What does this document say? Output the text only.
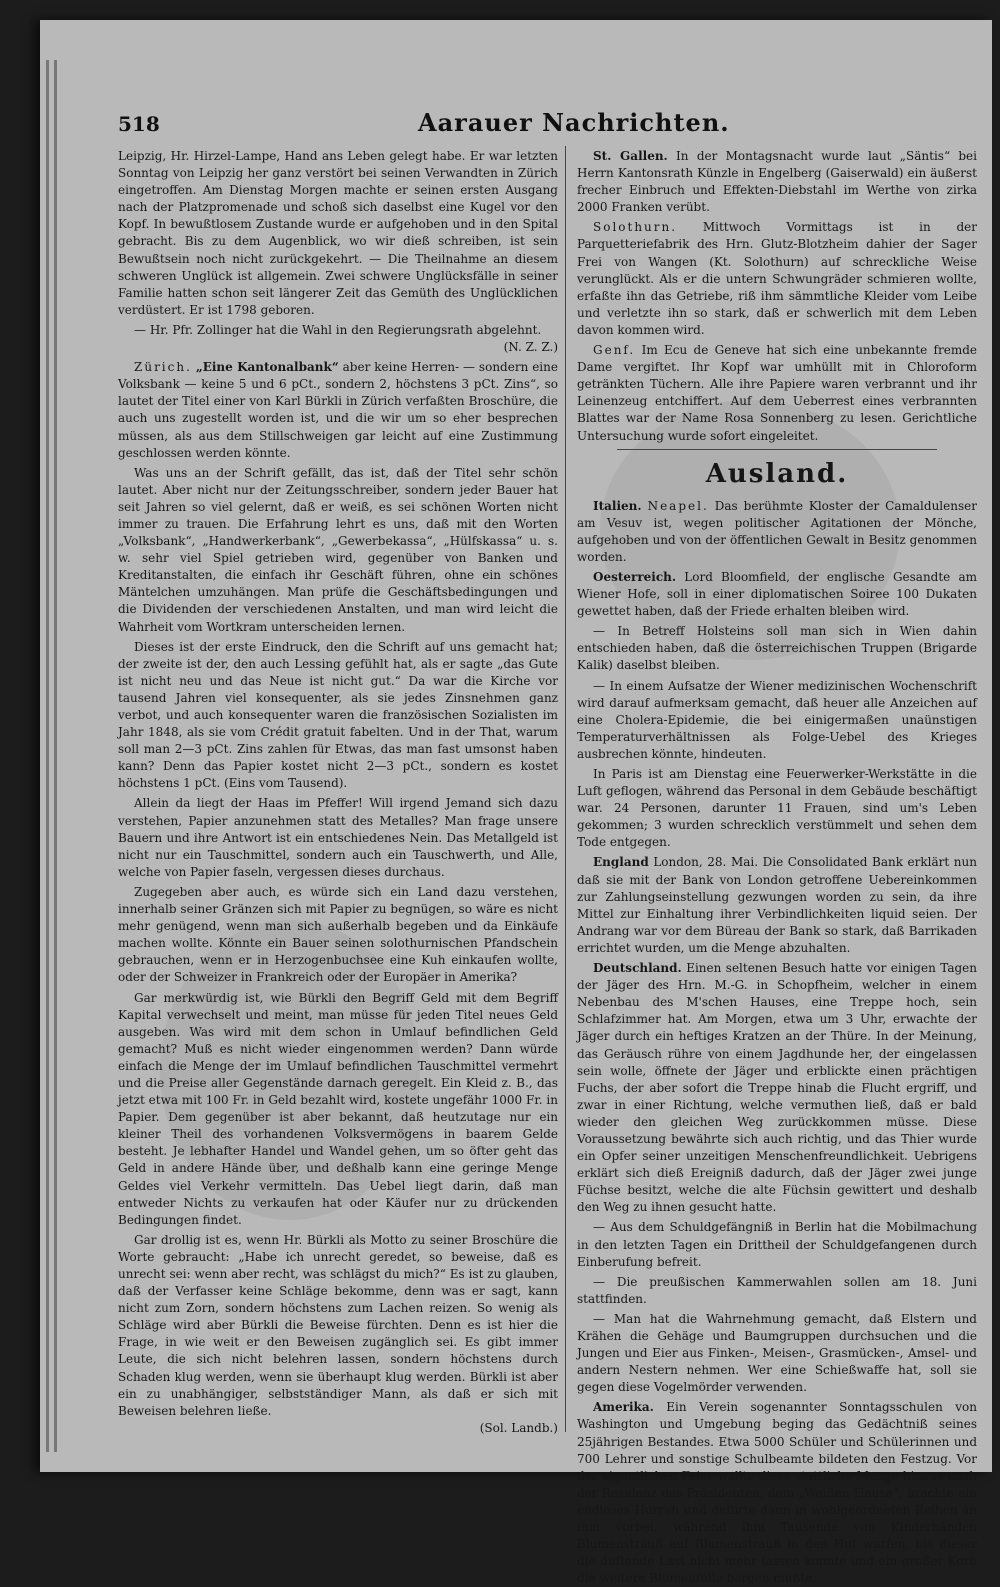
518	Aarauer Nachrichten.

Leipzig, Hr. Hirzel-Lampe, Hand ans Leben gelegt habe. Er war letzten Sonntag von Leipzig her ganz verstört bei seinen Verwandten in Zürich eingetroffen. Am Dienstag Morgen machte er seinen ersten Ausgang nach der Platzpromenade und schoß sich daselbst eine Kugel vor den Kopf. In bewußtlosem Zustande wurde er aufgehoben und in den Spital gebracht. Bis zu dem Augenblick, wo wir dieß schreiben, ist sein Bewußtsein noch nicht zurückgekehrt. — Die Theilnahme an diesem schweren Unglück ist allgemein. Zwei schwere Unglücksfälle in seiner Familie hatten schon seit längerer Zeit das Gemüth des Unglücklichen verdüstert. Er ist 1798 geboren.

— Hr. Pfr. Zollinger hat die Wahl in den Regierungsrath abgelehnt.
(N. Z. Z.)

Zürich. „Eine Kantonalbank“ aber keine Herren- — sondern eine Volksbank — keine 5 und 6 pCt., sondern 2, höchstens 3 pCt. Zins“, so lautet der Titel einer von Karl Bürkli in Zürich verfaßten Broschüre, die auch uns zugestellt worden ist, und die wir um so eher besprechen müssen, als aus dem Stillschweigen gar leicht auf eine Zustimmung geschlossen werden könnte.

Was uns an der Schrift gefällt, das ist, daß der Titel sehr schön lautet. Aber nicht nur der Zeitungsschreiber, sondern jeder Bauer hat seit Jahren so viel gelernt, daß er weiß, es sei schönen Worten nicht immer zu trauen. Die Erfahrung lehrt es uns, daß mit den Worten „Volksbank“, „Handwerkerbank“, „Gewerbekassa“, „Hülfskassa“ u. s. w. sehr viel Spiel getrieben wird, gegenüber von Banken und Kreditanstalten, die einfach ihr Geschäft führen, ohne ein schönes Mäntelchen umzuhängen. Man prüfe die Geschäftsbedingungen und die Dividenden der verschiedenen Anstalten, und man wird leicht die Wahrheit vom Wortkram unterscheiden lernen.

Dieses ist der erste Eindruck, den die Schrift auf uns gemacht hat; der zweite ist der, den auch Lessing gefühlt hat, als er sagte „das Gute ist nicht neu und das Neue ist nicht gut.“ Da war die Kirche vor tausend Jahren viel konsequenter, als sie jedes Zinsnehmen ganz verbot, und auch konsequenter waren die französischen Sozialisten im Jahr 1848, als sie vom Crédit gratuit fabelten. Und in der That, warum soll man 2—3 pCt. Zins zahlen für Etwas, das man fast umsonst haben kann? Denn das Papier kostet nicht 2—3 pCt., sondern es kostet höchstens 1 pCt. (Eins vom Tausend).

Allein da liegt der Haas im Pfeffer! Will irgend Jemand sich dazu verstehen, Papier anzunehmen statt des Metalles? Man frage unsere Bauern und ihre Antwort ist ein entschiedenes Nein. Das Metallgeld ist nicht nur ein Tauschmittel, sondern auch ein Tauschwerth, und Alle, welche von Papier faseln, vergessen dieses durchaus.

Zugegeben aber auch, es würde sich ein Land dazu verstehen, innerhalb seiner Gränzen sich mit Papier zu begnügen, so wäre es nicht mehr genügend, wenn man sich außerhalb begeben und da Einkäufe machen wollte. Könnte ein Bauer seinen solothurnischen Pfandschein gebrauchen, wenn er in Herzogenbuchsee eine Kuh einkaufen wollte, oder der Schweizer in Frankreich oder der Europäer in Amerika?

Gar merkwürdig ist, wie Bürkli den Begriff Geld mit dem Begriff Kapital verwechselt und meint, man müsse für jeden Titel neues Geld ausgeben. Was wird mit dem schon in Umlauf befindlichen Geld gemacht? Muß es nicht wieder eingenommen werden? Dann würde einfach die Menge der im Umlauf befindlichen Tauschmittel vermehrt und die Preise aller Gegenstände darnach geregelt. Ein Kleid z. B., das jetzt etwa mit 100 Fr. in Geld bezahlt wird, kostete ungefähr 1000 Fr. in Papier. Dem gegenüber ist aber bekannt, daß heutzutage nur ein kleiner Theil des vorhandenen Volksvermögens in baarem Gelde besteht. Je lebhafter Handel und Wandel gehen, um so öfter geht das Geld in andere Hände über, und deßhalb kann eine geringe Menge Geldes viel Verkehr vermitteln. Das Uebel liegt darin, daß man entweder Nichts zu verkaufen hat oder Käufer nur zu drückenden Bedingungen findet.

Gar drollig ist es, wenn Hr. Bürkli als Motto zu seiner Broschüre die Worte gebraucht: „Habe ich unrecht geredet, so beweise, daß es unrecht sei: wenn aber recht, was schlägst du mich?“ Es ist zu glauben, daß der Verfasser keine Schläge bekomme, denn was er sagt, kann nicht zum Zorn, sondern höchstens zum Lachen reizen. So wenig als Schläge wird aber Bürkli die Beweise fürchten. Denn es ist hier die Frage, in wie weit er den Beweisen zugänglich sei. Es gibt immer Leute, die sich nicht belehren lassen, sondern höchstens durch Schaden klug werden, wenn sie überhaupt klug werden. Bürkli ist aber ein zu unabhängiger, selbstständiger Mann, als daß er sich mit Beweisen belehren ließe.
(Sol. Landb.)

St. Gallen. In der Montagsnacht wurde laut „Säntis“ bei Herrn Kantonsrath Künzle in Engelberg (Gaiserwald) ein äußerst frecher Einbruch und Effekten-Diebstahl im Werthe von zirka 2000 Franken verübt.

Solothurn. Mittwoch Vormittags ist in der Parquetteriefabrik des Hrn. Glutz-Blotzheim dahier der Sager Frei von Wangen (Kt. Solothurn) auf schreckliche Weise verunglückt. Als er die untern Schwungräder schmieren wollte, erfaßte ihn das Getriebe, riß ihm sämmtliche Kleider vom Leibe und verletzte ihn so stark, daß er schwerlich mit dem Leben davon kommen wird.

Genf. Im Ecu de Geneve hat sich eine unbekannte fremde Dame vergiftet. Ihr Kopf war umhüllt mit in Chloroform getränkten Tüchern. Alle ihre Papiere waren verbrannt und ihr Leinenzeug entchiffert. Auf dem Ueberrest eines verbrannten Blattes war der Name Rosa Sonnenberg zu lesen. Gerichtliche Untersuchung wurde sofort eingeleitet.

Ausland.

Italien. Neapel. Das berühmte Kloster der Camaldulenser am Vesuv ist, wegen politischer Agitationen der Mönche, aufgehoben und von der öffentlichen Gewalt in Besitz genommen worden.

Oesterreich. Lord Bloomfield, der englische Gesandte am Wiener Hofe, soll in einer diplomatischen Soiree 100 Dukaten gewettet haben, daß der Friede erhalten bleiben wird.

— In Betreff Holsteins soll man sich in Wien dahin entschieden haben, daß die österreichischen Truppen (Brigarde Kalik) daselbst bleiben.

— In einem Aufsatze der Wiener medizinischen Wochenschrift wird darauf aufmerksam gemacht, daß heuer alle Anzeichen auf eine Cholera-Epidemie, die bei einigermaßen unaünstigen Temperaturverhältnissen als Folge-Uebel des Krieges ausbrechen könnte, hindeuten.

In Paris ist am Dienstag eine Feuerwerker-Werkstätte in die Luft geflogen, während das Personal in dem Gebäude beschäftigt war. 24 Personen, darunter 11 Frauen, sind um's Leben gekommen; 3 wurden schrecklich verstümmelt und sehen dem Tode entgegen.

England London, 28. Mai. Die Consolidated Bank erklärt nun daß sie mit der Bank von London getroffene Uebereinkommen zur Zahlungseinstellung gezwungen worden zu sein, da ihre Mittel zur Einhaltung ihrer Verbindlichkeiten liquid seien. Der Andrang war vor dem Büreau der Bank so stark, daß Barrikaden errichtet wurden, um die Menge abzuhalten.

Deutschland. Einen seltenen Besuch hatte vor einigen Tagen der Jäger des Hrn. M.-G. in Schopfheim, welcher in einem Nebenbau des M'schen Hauses, eine Treppe hoch, sein Schlafzimmer hat. Am Morgen, etwa um 3 Uhr, erwachte der Jäger durch ein heftiges Kratzen an der Thüre. In der Meinung, das Geräusch rühre von einem Jagdhunde her, der eingelassen sein wolle, öffnete der Jäger und erblickte einen prächtigen Fuchs, der aber sofort die Treppe hinab die Flucht ergriff, und zwar in einer Richtung, welche vermuthen ließ, daß er bald wieder den gleichen Weg zurückkommen müsse. Diese Voraussetzung bewährte sich auch richtig, und das Thier wurde ein Opfer seiner unzeitigen Menschenfreundlichkeit. Uebrigens erklärt sich dieß Ereigniß dadurch, daß der Jäger zwei junge Füchse besitzt, welche die alte Füchsin gewittert und deshalb den Weg zu ihnen gesucht hatte.

— Aus dem Schuldgefängniß in Berlin hat die Mobilmachung in den letzten Tagen ein Drittheil der Schuldgefangenen durch Einberufung befreit.

— Die preußischen Kammerwahlen sollen am 18. Juni stattfinden.

— Man hat die Wahrnehmung gemacht, daß Elstern und Krähen die Gehäge und Baumgruppen durchsuchen und die Jungen und Eier aus Finken-, Meisen-, Grasmücken-, Amsel- und andern Nestern nehmen. Wer eine Schießwaffe hat, soll sie gegen diese Vogelmörder verwenden.

Amerika. Ein Verein sogenannter Sonntagsschulen von Washington und Umgebung beging das Gedächtniß seines 25jährigen Bestandes. Etwa 5000 Schüler und Schülerinnen und 700 Lehrer und sonstige Schulbeamte bildeten den Festzug. Vor der eigentlichen Feier wallte diese stattliche Menge hinaus nach der Residenz des Präsidenten, dem „Weißen Hause“, brachte ein endloses Hurrah und deflirte dann in wohlgeordneten Reihen an ihm vorbei, während ihm Tausende von Kinderhänden Blumenstrauß auf Blumenstrauß in den Hut warfen, bis dieser die duftende Last nicht mehr fassen konnte und ein großer Korb die weitere Blumenfülle bergen mußte.
